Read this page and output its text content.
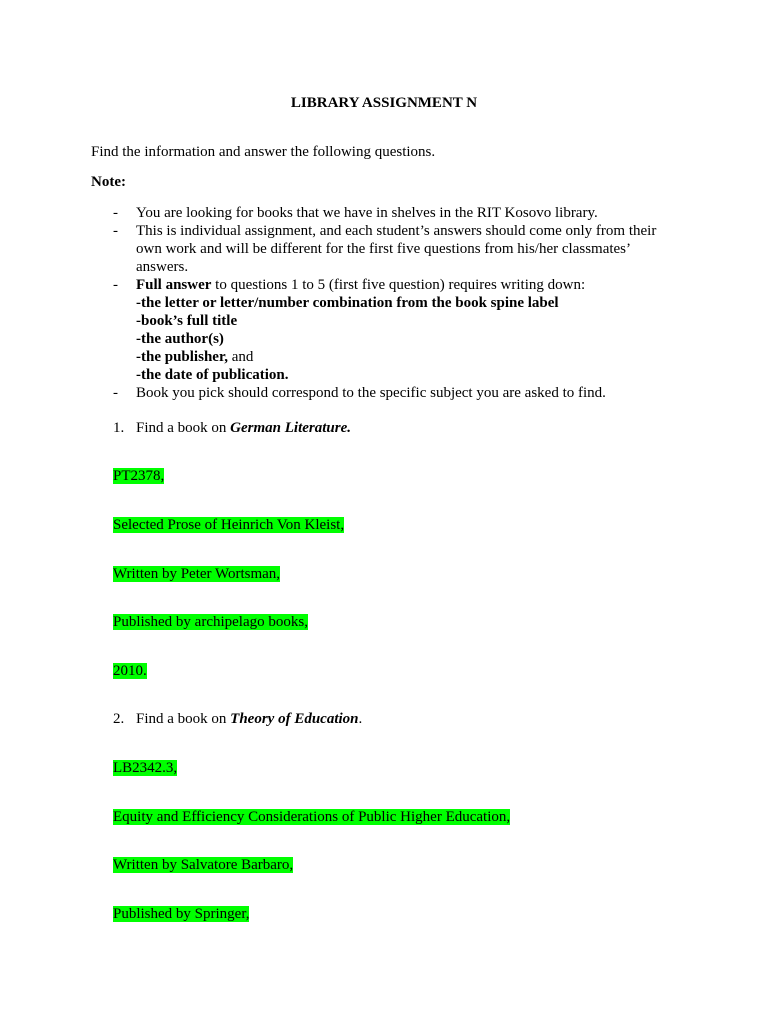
LIBRARY ASSIGNMENT N
Find the information and answer the following questions.
Note:
- You are looking for books that we have in shelves in the RIT Kosovo library.
- This is individual assignment, and each student’s answers should come only from their
own work and will be different for the first five questions from his/her classmates’
answers.
- Full answer to questions 1 to 5 (first five question) requires writing down:
-the letter or letter/number combination from the book spine label
-book’s full title
-the author(s)
-the publisher, and
-the date of publication.
- Book you pick should correspond to the specific subject you are asked to find.
1. Find a book on German Literature.
PT2378,
Selected Prose of Heinrich Von Kleist,
Written by Peter Wortsman,
Published by archipelago books,
2010.
2. Find a book on Theory of Education.
LB2342.3,
Equity and Efficiency Considerations of Public Higher Education,
Written by Salvatore Barbaro,
Published by Springer,
